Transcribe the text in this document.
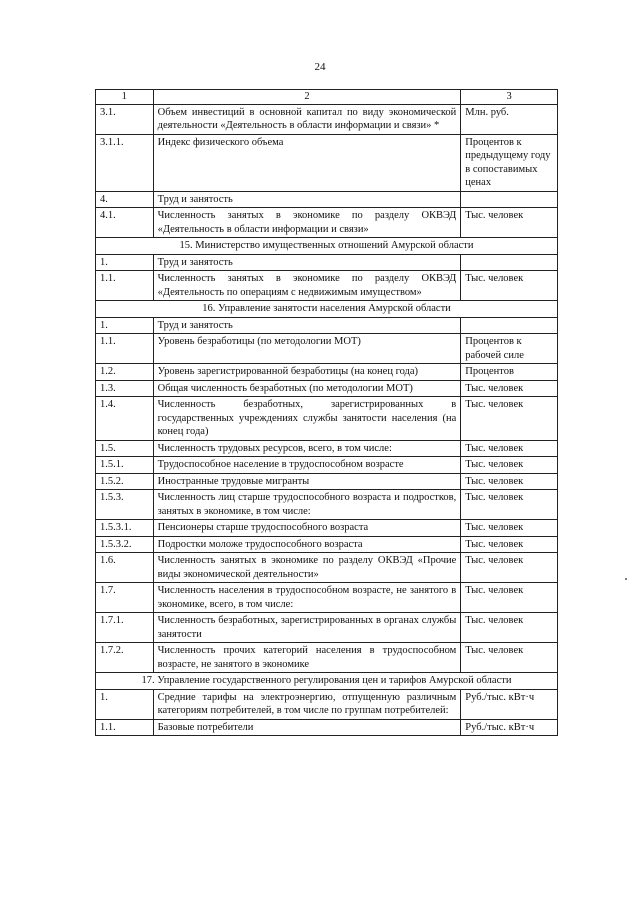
24
1	2	3
3.1.	Объем инвестиций в основной капитал по виду экономической деятельности «Деятельность в области информации и связи» *	Млн. руб.
3.1.1.	Индекс физического объема	Процентов к предыдущему году в сопоставимых ценах
4.	Труд и занятость	
4.1.	Численность занятых в экономике по разделу ОКВЭД «Деятельность в области информации и связи»	Тыс. человек
15. Министерство имущественных отношений Амурской области		
1.	Труд и занятость	
1.1.	Численность занятых в экономике по разделу ОКВЭД «Деятельность по операциям с недвижимым имуществом»	Тыс. человек
16. Управление занятости населения Амурской области		
1.	Труд и занятость	
1.1.	Уровень безработицы (по методологии МОТ)	Процентов к рабочей силе
1.2.	Уровень зарегистрированной безработицы (на конец года)	Процентов
1.3.	Общая численность безработных (по методологии МОТ)	Тыс. человек
1.4.	Численность безработных, зарегистрированных в государственных учреждениях службы занятости населения (на конец года)	Тыс. человек
1.5.	Численность трудовых ресурсов, всего, в том числе:	Тыс. человек
1.5.1.	Трудоспособное население в трудоспособном возрасте	Тыс. человек
1.5.2.	Иностранные трудовые мигранты	Тыс. человек
1.5.3.	Численность лиц старше трудоспособного возраста и подростков, занятых в экономике, в том числе:	Тыс. человек
1.5.3.1.	Пенсионеры старше трудоспособного возраста	Тыс. человек
1.5.3.2.	Подростки моложе трудоспособного возраста	Тыс. человек
1.6.	Численность занятых в экономике по разделу ОКВЭД «Прочие виды экономической деятельности»	Тыс. человек
1.7.	Численность населения в трудоспособном возрасте, не занятого в экономике, всего, в том числе:	Тыс. человек
1.7.1.	Численность безработных, зарегистрированных в органах службы занятости	Тыс. человек
1.7.2.	Численность прочих категорий населения в трудоспособном возрасте, не занятого в экономике	Тыс. человек
17. Управление государственного регулирования цен и тарифов Амурской области		
1.	Средние тарифы на электроэнергию, отпущенную различным категориям потребителей, в том числе по группам потребителей:	Руб./тыс. кВт·ч
1.1.	Базовые потребители	Руб./тыс. кВт·ч
